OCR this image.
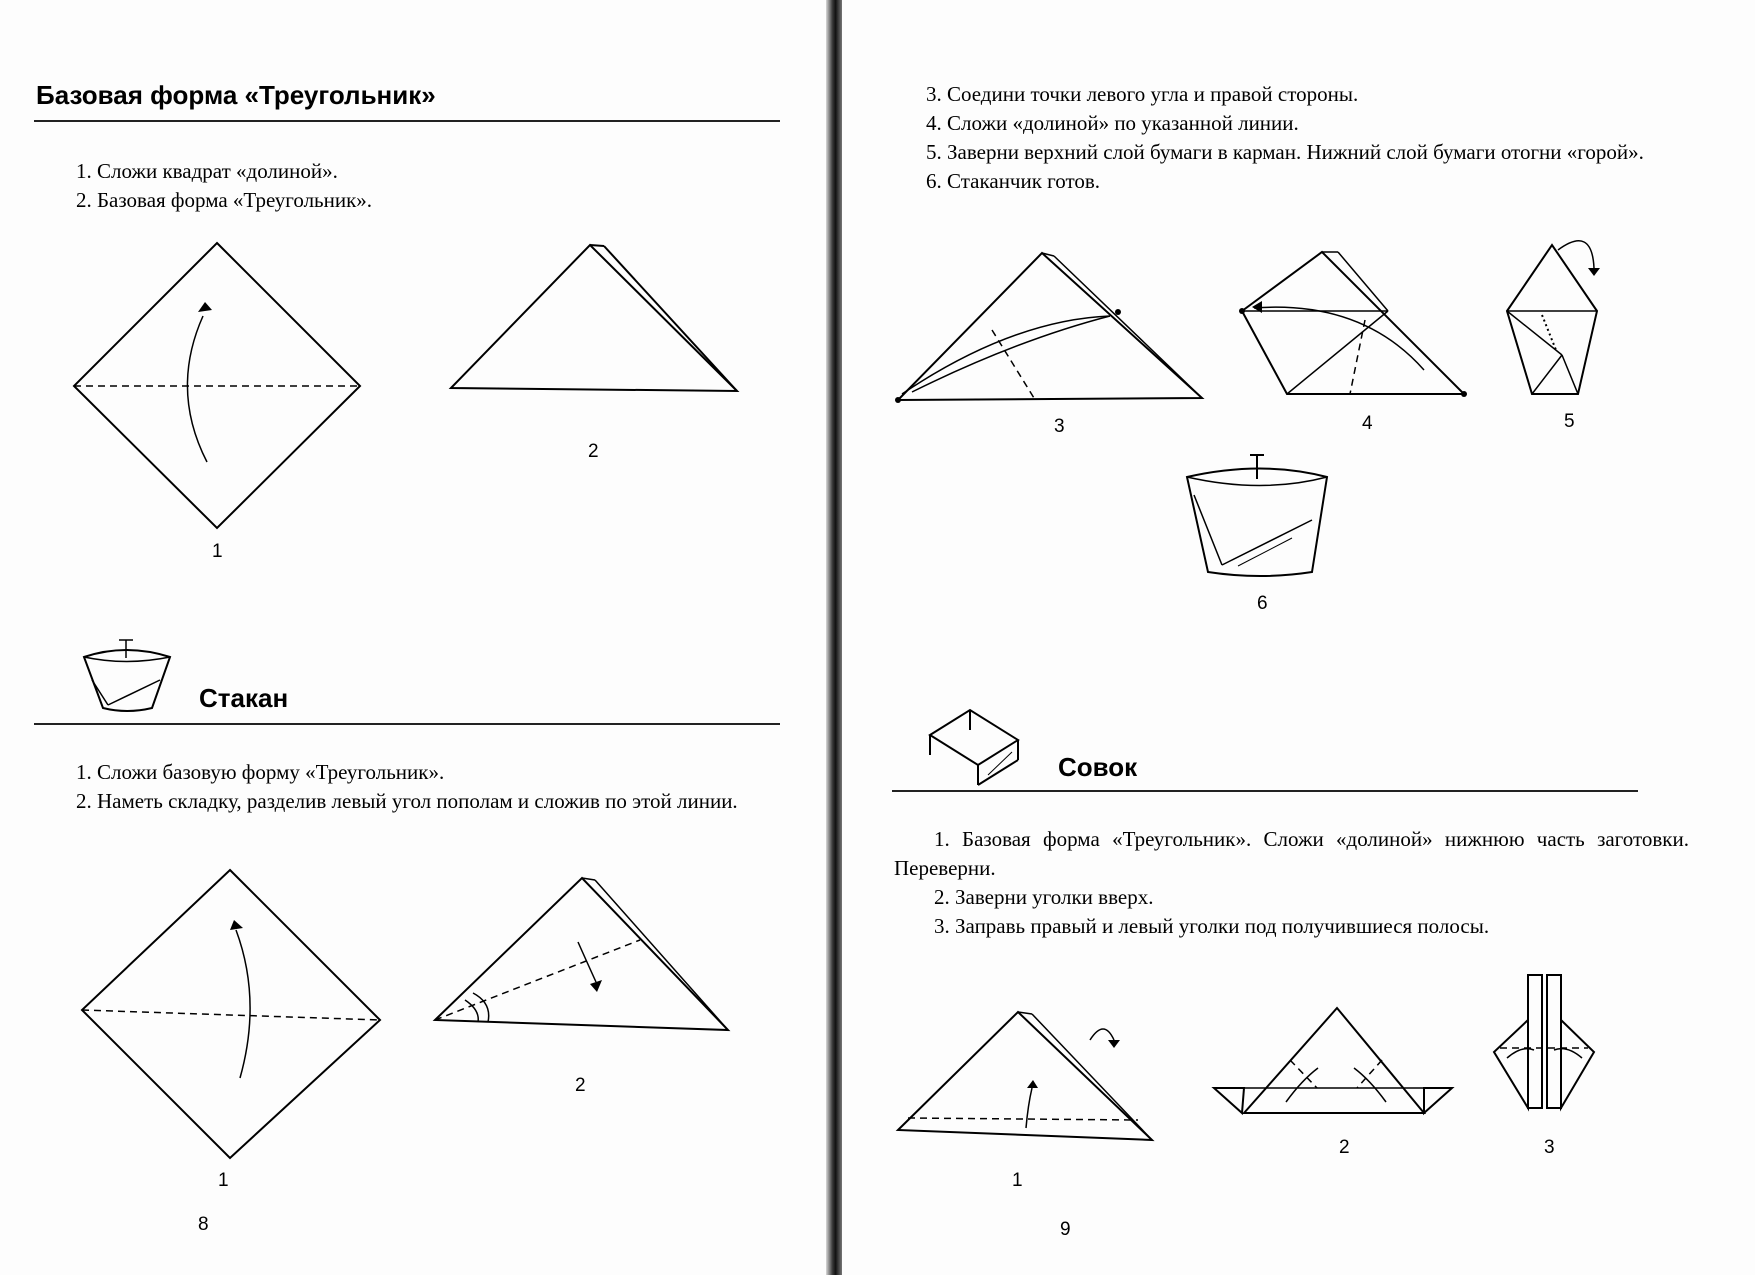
Базовая форма «Треугольник»

1. Сложи квадрат «долиной».

2. Базовая форма «Треугольник».

1
2
Стакан

1. Сложи базовую форму «Треугольник».

2. Наметь складку, разделив левый угол пополам и сложив по этой линии.

1
2
8

3. Соедини точки левого угла и правой стороны.

4. Сложи «долиной» по указанной линии.

5. Заверни верхний слой бумаги в карман. Нижний слой бумаги отогни «горой».

6. Стаканчик готов.

3	4	5
6
Совок

1. Базовая форма «Треугольник». Сложи «долиной» нижнюю часть заготовки. Переверни.

2. Заверни уголки вверх.

3. Заправь правый и левый уголки под получившиеся полосы.

1
2	3
9
